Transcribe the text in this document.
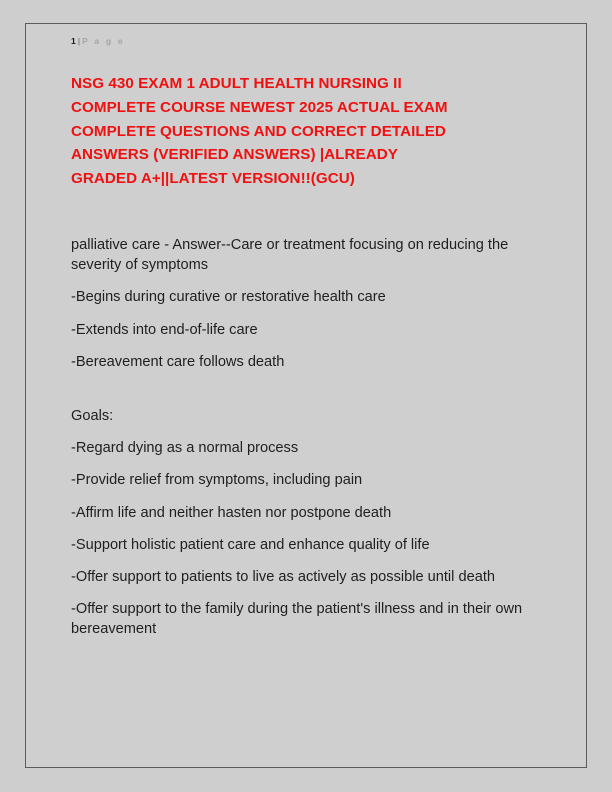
1 | P a g e
NSG 430 EXAM 1 ADULT HEALTH NURSING II
COMPLETE COURSE NEWEST 2025 ACTUAL EXAM
COMPLETE QUESTIONS AND CORRECT DETAILED
ANSWERS (VERIFIED ANSWERS) |ALREADY
GRADED A+||LATEST VERSION!!(GCU)

palliative care - Answer--Care or treatment focusing on reducing the severity of symptoms

-Begins during curative or restorative health care

-Extends into end-of-life care

-Bereavement care follows death

Goals:

-Regard dying as a normal process

-Provide relief from symptoms, including pain

-Affirm life and neither hasten nor postpone death

-Support holistic patient care and enhance quality of life

-Offer support to patients to live as actively as possible until death

-Offer support to the family during the patient's illness and in their own bereavement
